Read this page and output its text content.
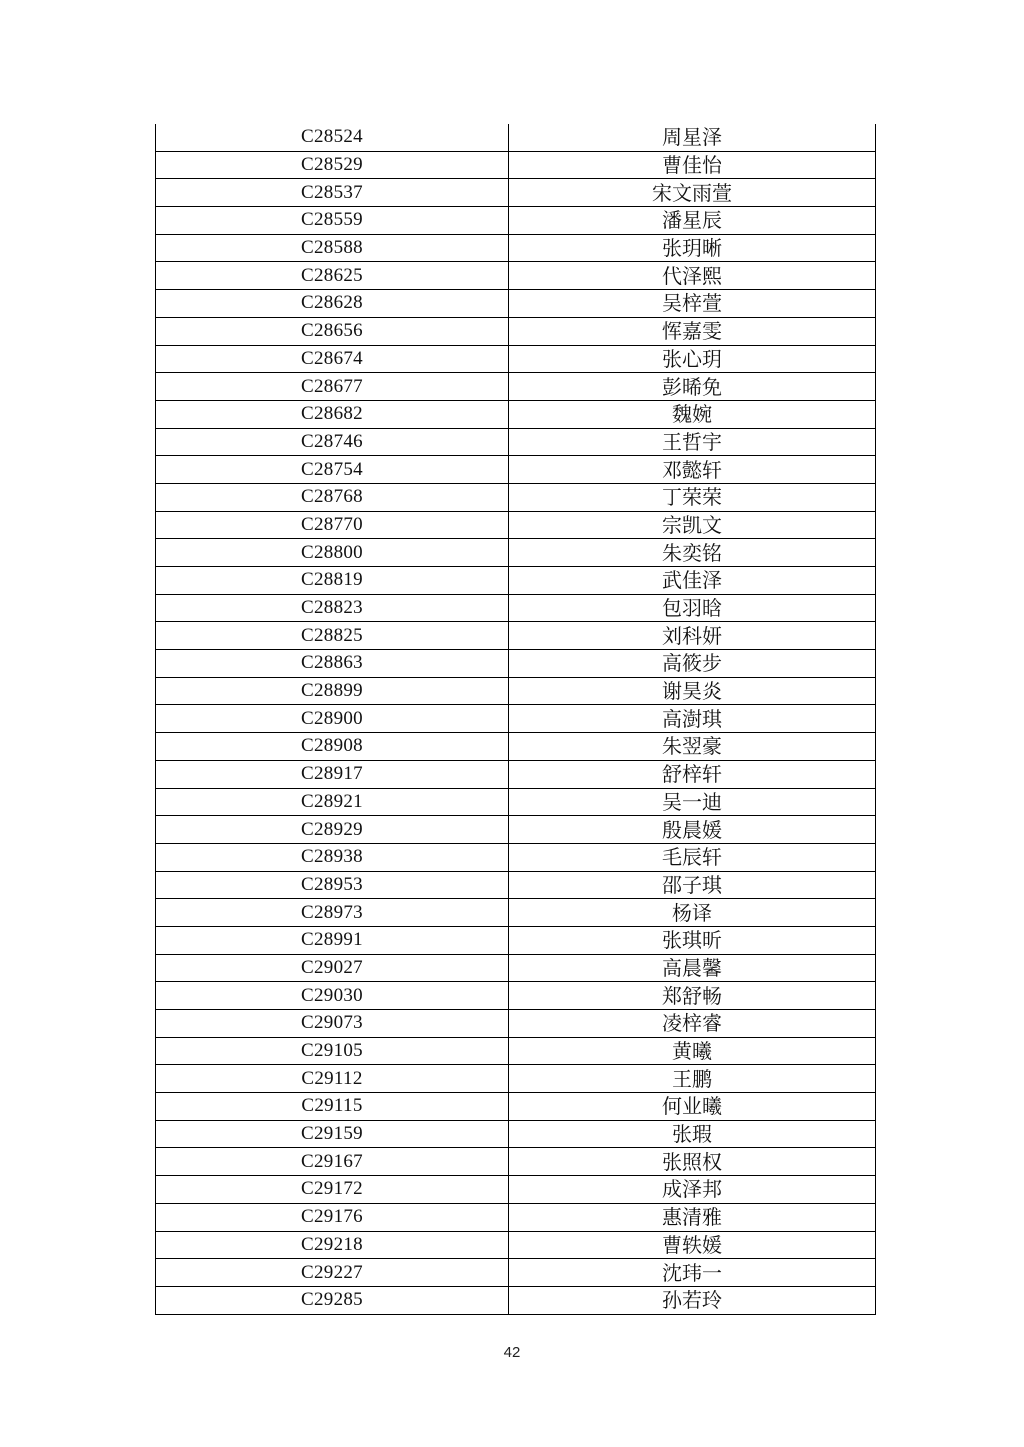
C28524	周星泽
C28529	曹佳怡
C28537	宋文雨萱
C28559	潘星辰
C28588	张玥晰
C28625	代泽熙
C28628	吴梓萱
C28656	恽嘉雯
C28674	张心玥
C28677	彭晞免
C28682	魏婉
C28746	王哲宇
C28754	邓懿轩
C28768	丁荣荣
C28770	宗凯文
C28800	朱奕铭
C28819	武佳泽
C28823	包羽晗
C28825	刘科妍
C28863	高筱步
C28899	谢昊炎
C28900	高澍琪
C28908	朱翌豪
C28917	舒梓轩
C28921	吴一迪
C28929	殷晨媛
C28938	毛辰轩
C28953	邵子琪
C28973	杨译
C28991	张琪昕
C29027	高晨馨
C29030	郑舒畅
C29073	凌梓睿
C29105	黄曦
C29112	王鹏
C29115	何业曦
C29159	张瑕
C29167	张照权
C29172	成泽邦
C29176	惠清雅
C29218	曹轶媛
C29227	沈玮一
C29285	孙若玲
42
